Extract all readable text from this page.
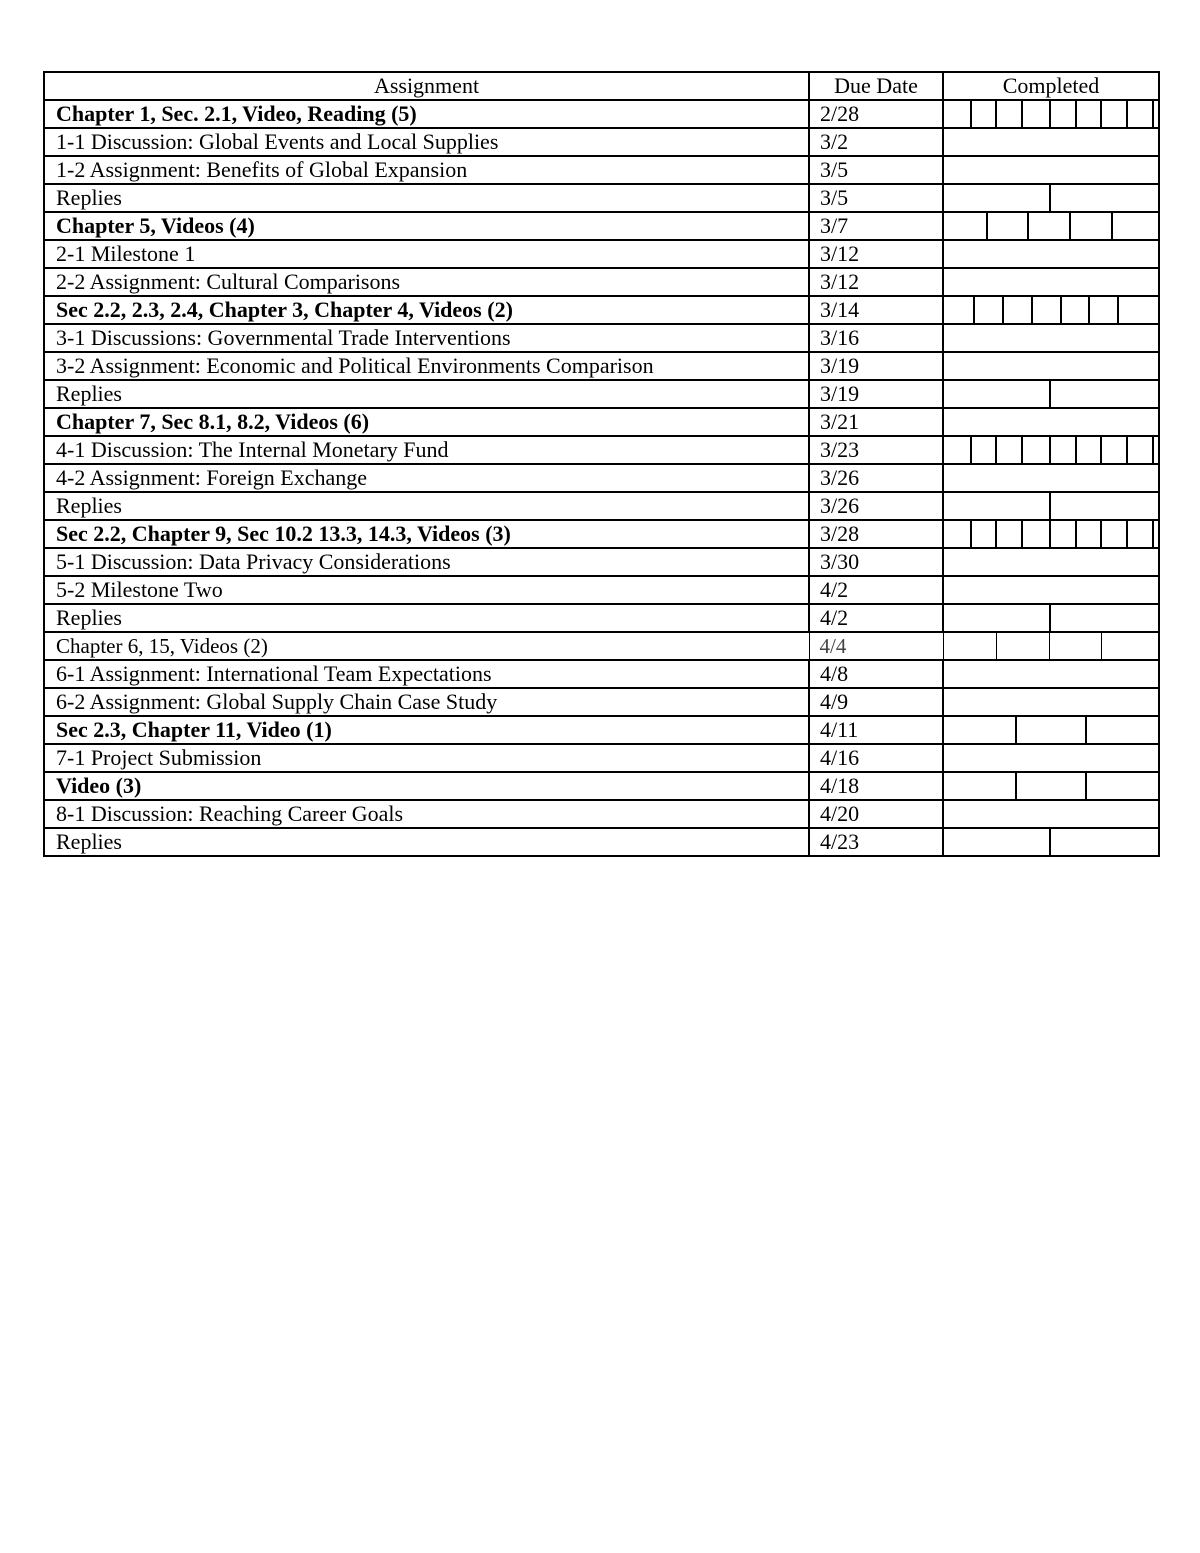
Assignment	Due Date	Completed
Chapter 1, Sec. 2.1, Video, Reading (5)	2/28	

1-1 Discussion: Global Events and Local Supplies	3/2	

1-2 Assignment: Benefits of Global Expansion	3/5	

Replies	3/5	

Chapter 5, Videos (4)	3/7	

2-1 Milestone 1	3/12	

2-2 Assignment: Cultural Comparisons	3/12	

Sec 2.2, 2.3, 2.4, Chapter 3, Chapter 4, Videos (2)	3/14	

3-1 Discussions: Governmental Trade Interventions	3/16	

3-2 Assignment: Economic and Political Environments Comparison	3/19	

Replies	3/19	

Chapter 7, Sec 8.1, 8.2, Videos (6)	3/21	

4-1 Discussion: The Internal Monetary Fund	3/23	

4-2 Assignment: Foreign Exchange	3/26	

Replies	3/26	

Sec 2.2, Chapter 9, Sec 10.2 13.3, 14.3, Videos (3)	3/28	

5-1 Discussion: Data Privacy Considerations	3/30	

5-2 Milestone Two	4/2	

Replies	4/2	

Chapter 6, 15, Videos (2)	4/4	

6-1 Assignment: International Team Expectations	4/8	

6-2 Assignment: Global Supply Chain Case Study	4/9	

Sec 2.3, Chapter 11, Video (1)	4/11	

7-1 Project Submission	4/16	

Video (3)	4/18	

8-1 Discussion: Reaching Career Goals	4/20	

Replies	4/23	
